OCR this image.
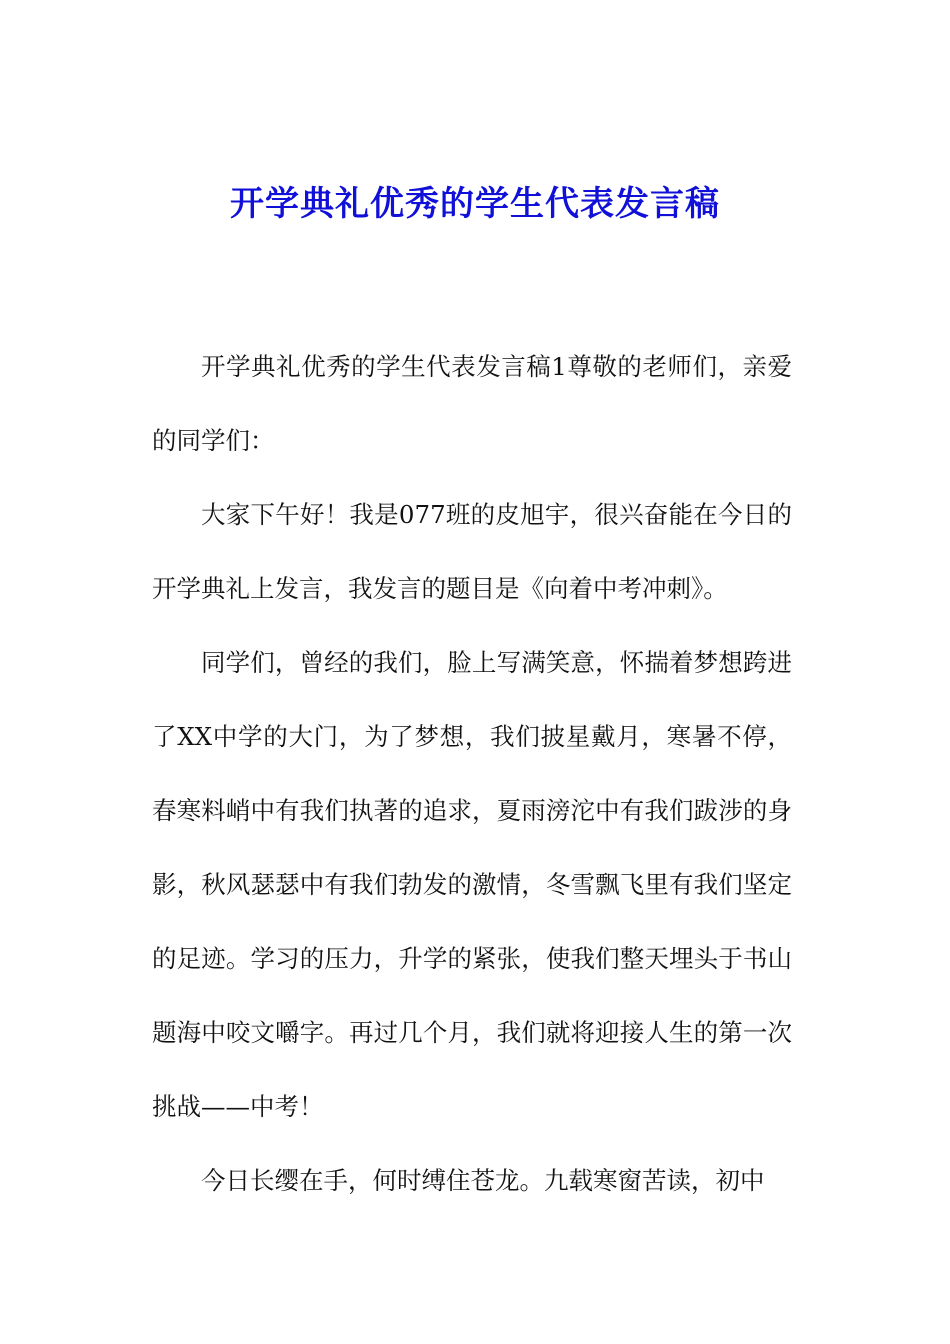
开学典礼优秀的学生代表发言稿

开学典礼优秀的学生代表发言稿1尊敬的老师们，亲爱的同学们：

大家下午好！我是077班的皮旭宇，很兴奋能在今日的开学典礼上发言，我发言的题目是《向着中考冲刺》。

同学们，曾经的我们，脸上写满笑意，怀揣着梦想跨进了XX中学的大门，为了梦想，我们披星戴月，寒暑不停，春寒料峭中有我们执著的追求，夏雨滂沱中有我们跋涉的身影，秋风瑟瑟中有我们勃发的激情，冬雪飘飞里有我们坚定的足迹。学习的压力，升学的紧张，使我们整天埋头于书山题海中咬文嚼字。再过几个月，我们就将迎接人生的第一次挑战——中考！

今日长缨在手，何时缚住苍龙。九载寒窗苦读，初中
